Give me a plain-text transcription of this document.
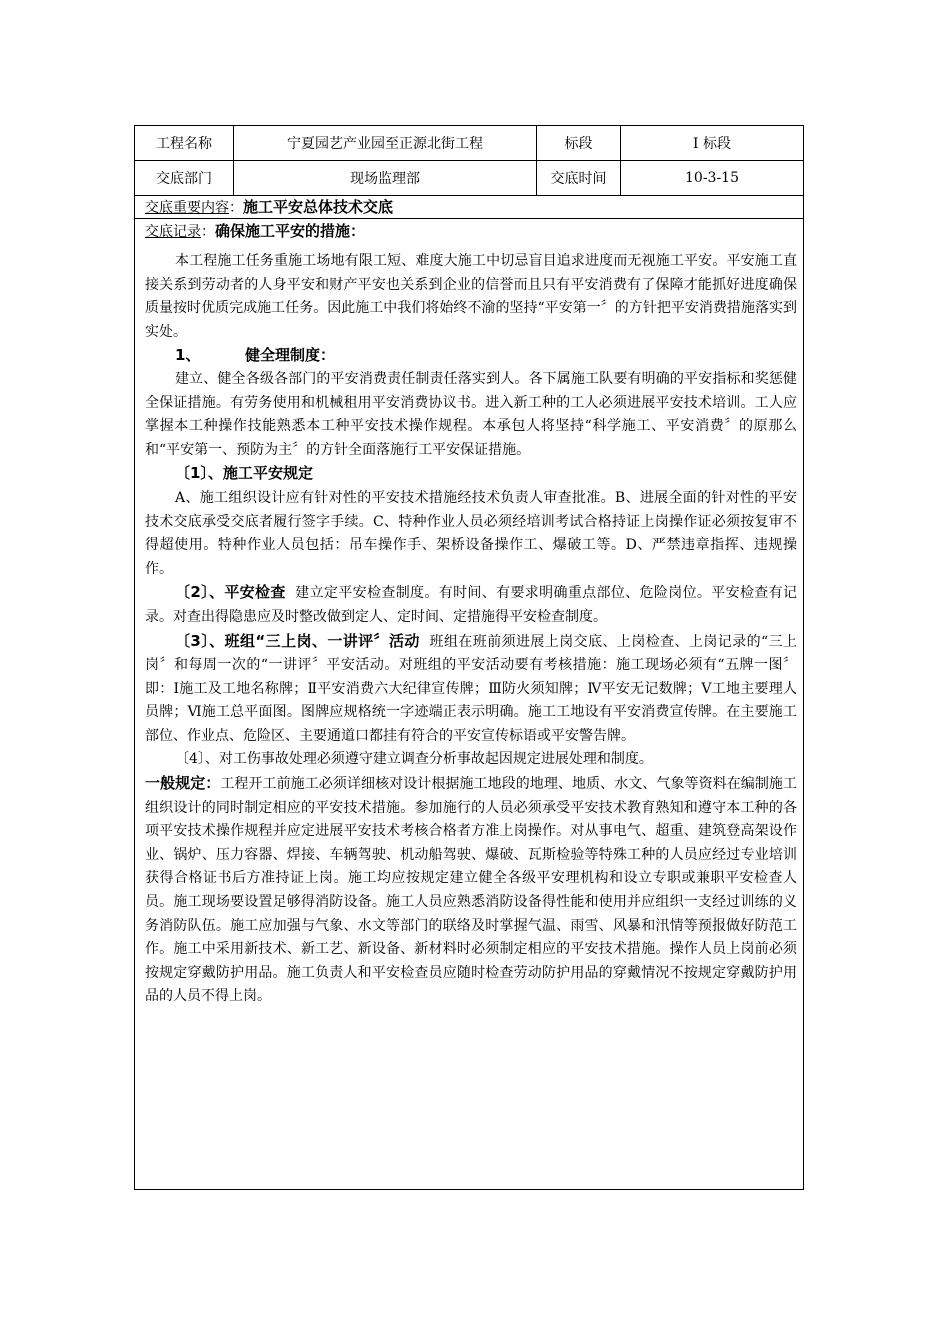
工程名称	宁夏园艺产业园至正源北街工程	标段	Ⅰ 标段
交底部门	现场监理部	交底时间	10-3-15
交底重要内容：施工平安总体技术交底
交底记录：确保施工平安的措施：

本工程施工任务重施工场地有限工短、难度大施工中切忌盲目追求进度而无视施工平安。平安施工直接关系到劳动者的人身平安和财产平安也关系到企业的信誉而且只有平安消费有了保障才能抓好进度确保质量按时优质完成施工任务。因此施工中我们将始终不渝的坚持“平安第一〞的方针把平安消费措施落实到实处。

1、	健全理制度：

建立、健全各级各部门的平安消费责任制责任落实到人。各下属施工队要有明确的平安指标和奖惩健全保证措施。有劳务使用和机械租用平安消费协议书。进入新工种的工人必须进展平安技术培训。工人应掌握本工种操作技能熟悉本工种平安技术操作规程。本承包人将坚持“科学施工、平安消费〞的原那么和“平安第一、预防为主〞的方针全面落施行工平安保证措施。

〔1〕、施工平安规定

A、施工组织设计应有针对性的平安技术措施经技术负责人审查批准。B、进展全面的针对性的平安技术交底承受交底者履行签字手续。C、特种作业人员必须经培训考试合格持证上岗操作证必须按复审不得超使用。特种作业人员包括：吊车操作手、架桥设备操作工、爆破工等。D、严禁违章指挥、违规操作。

〔2〕、平安检查 建立定平安检查制度。有时间、有要求明确重点部位、危险岗位。平安检查有记录。对查出得隐患应及时整改做到定人、定时间、定措施得平安检查制度。

〔3〕、班组“三上岗、一讲评〞活动 班组在班前须进展上岗交底、上岗检查、上岗记录的“三上岗〞和每周一次的“一讲评〞平安活动。对班组的平安活动要有考核措施：施工现场必须有“五牌一图〞即：Ⅰ施工及工地名称牌；Ⅱ平安消费六大纪律宣传牌；Ⅲ防火须知牌；Ⅳ平安无记数牌；Ⅴ工地主要理人员牌；Ⅵ施工总平面图。图牌应规格统一字迹端正表示明确。施工工地设有平安消费宣传牌。在主要施工部位、作业点、危险区、主要通道口都挂有符合的平安宣传标语或平安警告牌。

〔4〕、对工伤事故处理必须遵守建立调查分析事故起因规定进展处理和制度。

一般规定：工程开工前施工必须详细核对设计根据施工地段的地理、地质、水文、气象等资料在编制施工组织设计的同时制定相应的平安技术措施。参加施行的人员必须承受平安技术教育熟知和遵守本工种的各项平安技术操作规程并应定进展平安技术考核合格者方准上岗操作。对从事电气、超重、建筑登高架设作业、锅炉、压力容器、焊接、车辆驾驶、机动船驾驶、爆破、瓦斯检验等特殊工种的人员应经过专业培训获得合格证书后方准持证上岗。施工均应按规定建立健全各级平安理机构和设立专职或兼职平安检查人员。施工现场要设置足够得消防设备。施工人员应熟悉消防设备得性能和使用并应组织一支经过训练的义务消防队伍。施工应加强与气象、水文等部门的联络及时掌握气温、雨雪、风暴和汛情等预报做好防范工作。施工中采用新技术、新工艺、新设备、新材料时必须制定相应的平安技术措施。操作人员上岗前必须按规定穿戴防护用品。施工负责人和平安检查员应随时检查劳动防护用品的穿戴情况不按规定穿戴防护用品的人员不得上岗。
